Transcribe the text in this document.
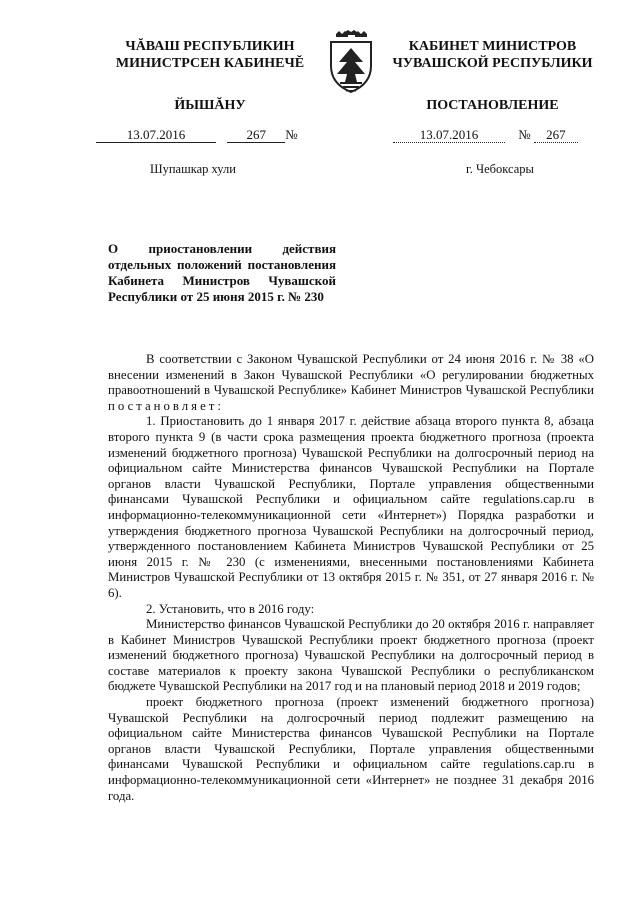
ЧĂВАШ РЕСПУБЛИКИН
МИНИСТРСЕН КАБИНЕЧĔ
ЙЫШĂНУ
КАБИНЕТ МИНИСТРОВ
ЧУВАШСКОЙ РЕСПУБЛИКИ
ПОСТАНОВЛЕНИЕ
13.07.2016	267 №	13.07.2016	№ 267
Шупашкар хули	г. Чебоксары
О приостановлении действия отдельных положений постановления Кабинета Министров Чувашской Республики от 25 июня 2015 г. № 230

В соответствии с Законом Чувашской Республики от 24 июня 2016 г. № 38 «О внесении изменений в Закон Чувашской Республики «О регулировании бюджетных правоотношений в Чувашской Республике» Кабинет Министров Чувашской Республики постановляет:

1. Приостановить до 1 января 2017 г. действие абзаца второго пункта 8, абзаца второго пункта 9 (в части срока размещения проекта бюджетного прогноза (проекта изменений бюджетного прогноза) Чувашской Республики на долгосрочный период на официальном сайте Министерства финансов Чувашской Республики на Портале органов власти Чувашской Республики, Портале управления общественными финансами Чувашской Республики и официальном сайте regulations.cap.ru в информационно-телекоммуникационной сети «Интернет») Порядка разработки и утверждения бюджетного прогноза Чувашской Республики на долгосрочный период, утвержденного постановлением Кабинета Министров Чувашской Республики от 25 июня 2015 г. № 230 (с изменениями, внесенными постановлениями Кабинета Министров Чувашской Республики от 13 октября 2015 г. № 351, от 27 января 2016 г. № 6).

2. Установить, что в 2016 году:

Министерство финансов Чувашской Республики до 20 октября 2016 г. направляет в Кабинет Министров Чувашской Республики проект бюджетного прогноза (проект изменений бюджетного прогноза) Чувашской Республики на долгосрочный период в составе материалов к проекту закона Чувашской Республики о республиканском бюджете Чувашской Республики на 2017 год и на плановый период 2018 и 2019 годов;

проект бюджетного прогноза (проект изменений бюджетного прогноза) Чувашской Республики на долгосрочный период подлежит размещению на официальном сайте Министерства финансов Чувашской Республики на Портале органов власти Чувашской Республики, Портале управления общественными финансами Чувашской Республики и официальном сайте regulations.cap.ru в информационно-телекоммуникационной сети «Интернет» не позднее 31 декабря 2016 года.
